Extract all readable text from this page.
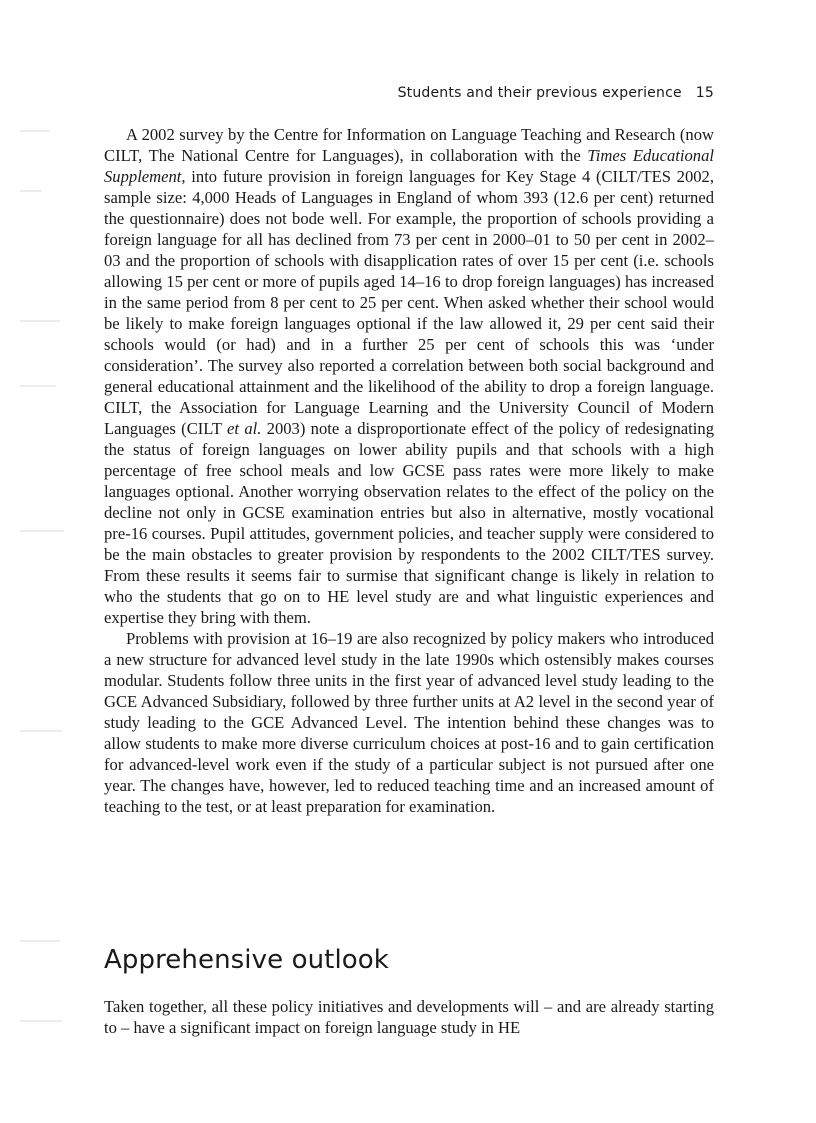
Students and their previous experience 15

A 2002 survey by the Centre for Information on Language Teaching and Research (now CILT, The National Centre for Languages), in collaboration with the Times Educational Supplement, into future provision in foreign languages for Key Stage 4 (CILT/TES 2002, sample size: 4,000 Heads of Languages in England of whom 393 (12.6 per cent) returned the questionnaire) does not bode well. For example, the proportion of schools providing a foreign language for all has declined from 73 per cent in 2000–01 to 50 per cent in 2002–03 and the proportion of schools with disapplication rates of over 15 per cent (i.e. schools allowing 15 per cent or more of pupils aged 14–16 to drop foreign languages) has increased in the same period from 8 per cent to 25 per cent. When asked whether their school would be likely to make foreign languages optional if the law allowed it, 29 per cent said their schools would (or had) and in a further 25 per cent of schools this was ‘under consideration’. The survey also reported a correlation between both social background and general educational attainment and the likelihood of the ability to drop a foreign language. CILT, the Association for Language Learning and the University Council of Modern Languages (CILT et al. 2003) note a disproportionate effect of the policy of redesignating the status of foreign languages on lower ability pupils and that schools with a high percentage of free school meals and low GCSE pass rates were more likely to make languages optional. Another worrying observation relates to the effect of the policy on the decline not only in GCSE examination entries but also in alternative, mostly vocational pre-16 courses. Pupil attitudes, government policies, and teacher supply were considered to be the main obstacles to greater provision by respondents to the 2002 CILT/TES survey. From these results it seems fair to surmise that significant change is likely in relation to who the students that go on to HE level study are and what linguistic experiences and expertise they bring with them.

Problems with provision at 16–19 are also recognized by policy makers who introduced a new structure for advanced level study in the late 1990s which ostensibly makes courses modular. Students follow three units in the first year of advanced level study leading to the GCE Advanced Subsidiary, followed by three further units at A2 level in the second year of study leading to the GCE Advanced Level. The intention behind these changes was to allow students to make more diverse curriculum choices at post-16 and to gain certification for advanced-level work even if the study of a particular subject is not pursued after one year. The changes have, however, led to reduced teaching time and an increased amount of teaching to the test, or at least preparation for examination.

Apprehensive outlook

Taken together, all these policy initiatives and developments will – and are already starting to – have a significant impact on foreign language study in HE
